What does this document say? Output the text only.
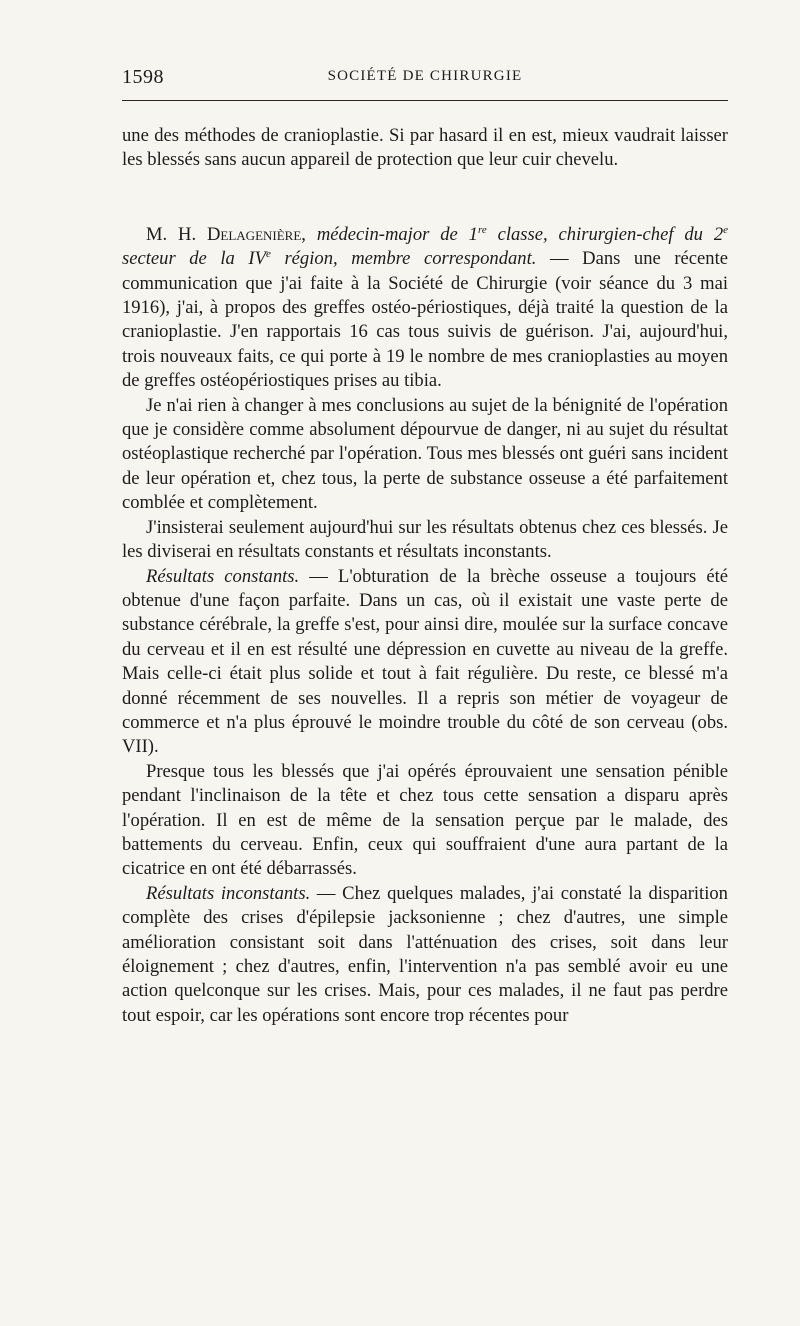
1598	SOCIÉTÉ DE CHIRURGIE

une des méthodes de cranioplastie. Si par hasard il en est, mieux vaudrait laisser les blessés sans aucun appareil de protection que leur cuir chevelu.

M. H. Delagenière, médecin-major de 1re classe, chirurgien-chef du 2e secteur de la IVe région, membre correspondant. — Dans une récente communication que j'ai faite à la Société de Chirurgie (voir séance du 3 mai 1916), j'ai, à propos des greffes ostéo-périostiques, déjà traité la question de la cranioplastie. J'en rapportais 16 cas tous suivis de guérison. J'ai, aujourd'hui, trois nouveaux faits, ce qui porte à 19 le nombre de mes cranioplasties au moyen de greffes ostéopériostiques prises au tibia.

Je n'ai rien à changer à mes conclusions au sujet de la bénignité de l'opération que je considère comme absolument dépourvue de danger, ni au sujet du résultat ostéoplastique recherché par l'opération. Tous mes blessés ont guéri sans incident de leur opération et, chez tous, la perte de substance osseuse a été parfaitement comblée et complètement.

J'insisterai seulement aujourd'hui sur les résultats obtenus chez ces blessés. Je les diviserai en résultats constants et résultats inconstants.

Résultats constants. — L'obturation de la brèche osseuse a toujours été obtenue d'une façon parfaite. Dans un cas, où il existait une vaste perte de substance cérébrale, la greffe s'est, pour ainsi dire, moulée sur la surface concave du cerveau et il en est résulté une dépression en cuvette au niveau de la greffe. Mais celle-ci était plus solide et tout à fait régulière. Du reste, ce blessé m'a donné récemment de ses nouvelles. Il a repris son métier de voyageur de commerce et n'a plus éprouvé le moindre trouble du côté de son cerveau (obs. VII).

Presque tous les blessés que j'ai opérés éprouvaient une sensation pénible pendant l'inclinaison de la tête et chez tous cette sensation a disparu après l'opération. Il en est de même de la sensation perçue par le malade, des battements du cerveau. Enfin, ceux qui souffraient d'une aura partant de la cicatrice en ont été débarrassés.

Résultats inconstants. — Chez quelques malades, j'ai constaté la disparition complète des crises d'épilepsie jacksonienne ; chez d'autres, une simple amélioration consistant soit dans l'atténuation des crises, soit dans leur éloignement ; chez d'autres, enfin, l'intervention n'a pas semblé avoir eu une action quelconque sur les crises. Mais, pour ces malades, il ne faut pas perdre tout espoir, car les opérations sont encore trop récentes pour
